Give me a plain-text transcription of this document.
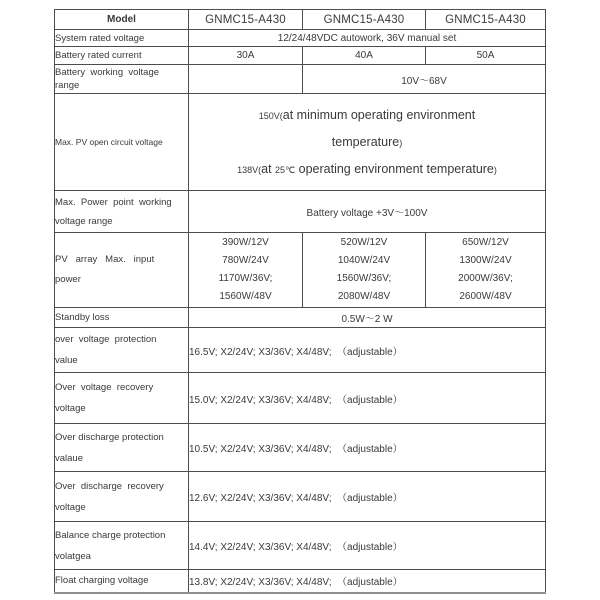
Model	GNMC15-A430	GNMC15-A430	GNMC15-A430
System rated voltage	12/24/48VDC autowork, 36V manual set		
Battery rated current	30A	40A	50A
Battery  working  voltage
range		10V～68V	
Max. PV open circuit voltage	150V(at minimum operating environment
temperature)
138V(at 25℃ operating environment temperature)		

Max.  Power  point  working
voltage range	Battery voltage +3V～100V		
PV   array   Max.   input
power	390W/12V
780W/24V
1170W/36V;
1560W/48V	520W/12V
1040W/24V
1560W/36V;
2080W/48V	650W/12V
1300W/24V
2000W/36V;
2600W/48V
Standby loss	0.5W～2 W		
over  voltage  protection
value	16.5V; X2/24V; X3/36V; X4/48V;  （adjustable）		
Over  voltage  recovery
voltage	15.0V; X2/24V; X3/36V; X4/48V;  （adjustable）		
Over discharge protection
valaue	10.5V; X2/24V; X3/36V; X4/48V;  （adjustable）		
Over  discharge  recovery
voltage	12.6V; X2/24V; X3/36V; X4/48V;  （adjustable）		
Balance charge protection
volatgea	14.4V; X2/24V; X3/36V; X4/48V;  （adjustable）		
Float charging voltage	13.8V; X2/24V; X3/36V; X4/48V;  （adjustable）		
